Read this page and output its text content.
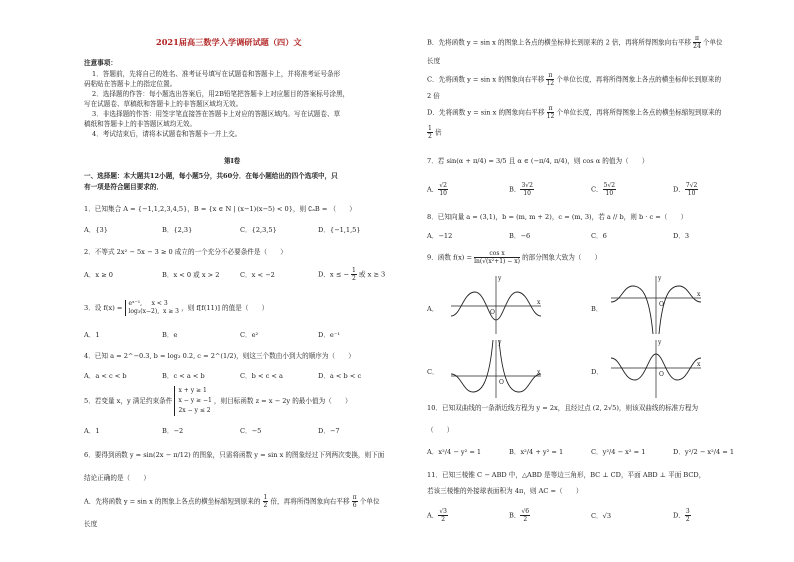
2021届高三数学入学调研试题（四）文
注意事项：
1．答题前，先将自己的姓名、准考证号填写在试题卷和答题卡上，并将准考证号条形
码粘贴在答题卡上的指定位置。
2．选择题的作答：每小题选出答案后，用2B铅笔把答题卡上对应题目的答案标号涂黑，
写在试题卷、草稿纸和答题卡上的非答题区域均无效。
3．非选择题的作答：用签字笔直接答在答题卡上对应的答题区域内。写在试题卷、草
稿纸和答题卡上的非答题区域均无效。
4．考试结束后，请将本试题卷和答题卡一并上交。
第Ⅰ卷
一、选择题：本大题共12小题，每小题5分，共60分．在每小题给出的四个选项中，只
有一项是符合题目要求的．
1．已知集合 A = {−1,1,2,3,4,5}，B = {x ∈ N | (x−1)(x−5) < 0}，则 ∁ₐB = （　　）
A．{3}	B．{2,3}	C．{2,3,5}	D．{−1,1,5}
2．不等式 2x² − 5x − 3 ≥ 0 成立的一个充分不必要条件是（　　）
A．x ≥ 0	B．x < 0 或 x > 2	C．x < −2	D．x ≤ − $\frac{1}{2}$ 或 x ≥ 3
3．设 f(x) =
eˣ⁻¹, x < 3
log₃(x−2), x ≥ 3 ，则 f[f(11)] 的值是（　　）
A．1	B．e	C．e²	D．e⁻¹
4．已知 a = 2^−0.3, b = log₃ 0.2, c = 2^(1/2)，则这三个数由小到大的顺序为（　　）
A．a < c < b	B．c < a < b	C．b < c < a	D．a < b < c
5．若变量 x，y 满足约束条件
x + y ≥ 1
x − y ≥ −1
2x − y ≤ 2
，则目标函数 z = x − 2y 的最小值为（　　）
A．1	B．−2	C．−5	D．−7
6．要得到函数 y = sin(2x − π/12) 的图象，只需将函数 y = sin x 的图象经过下列两次变换，则下面
结论正确的是（　　）
A．先将函数 y = sin x 的图象上各点的横坐标缩短到原来的 $\frac{1}{2}$ 倍，再将所得图象向右平移 $\frac{\pi}{6}$ 个单位
长度
B．先将函数 y = sin x 的图象上各点的横坐标伸长到原来的 2 倍，再将所得图象向右平移 $\frac{\pi}{24}$ 个单位
长度
C．先将函数 y = sin x 的图象向右平移 $\frac{\pi}{12}$ 个单位长度，再将所得图象上各点的横坐标伸长到原来的
2 倍
D．先将函数 y = sin x 的图象向右平移 $\frac{\pi}{12}$ 个单位长度，再将所得图象上各点的横坐标缩短到原来的
$\frac{1}{2}$ 倍
7．若 sin(α + π/4) = 3/5 且 α ∈ (−π/4, π/4)，则 cos α 的值为（　　）
A． $\frac{√2}{10}$	B． $\frac{3√2}{10}$	C． $\frac{5√2}{10}$	D． $\frac{7√2}{10}$
8．已知向量 a = (3,1)，b = (m, m + 2)，c = (m, 3)，若 a // b，则 b · c =（　　）
A．−12	B．−6	C．6	D．3
9．函数 $f(x) = \frac{\text{cos x}}{\text{ln(√(x²+1) − x)}}$ 的部分图象大致为（　　）
A．
y
O
x
B．
y
O
x
C．
y
O
x	D．
y
O
x
10．已知双曲线的一条渐近线方程为 y = 2x，且经过点 (2, 2√5)，则该双曲线的标准方程为
（　　）
A．x²/4 − y² = 1	B．x²/4 + y² = 1	C．y²/4 − x² = 1	D．y²/2 − x²/4 = 1
11．已知三棱锥 C − ABD 中，△ABD 是等边三角形，BC ⊥ CD，平面 ABD ⊥ 平面 BCD，
若该三棱锥的外接球表面积为 4π，则 AC =（　　）
A． $\frac{√3}{2}$	B． $\frac{√6}{2}$	C．√3	D． $\frac{3}{2}$
